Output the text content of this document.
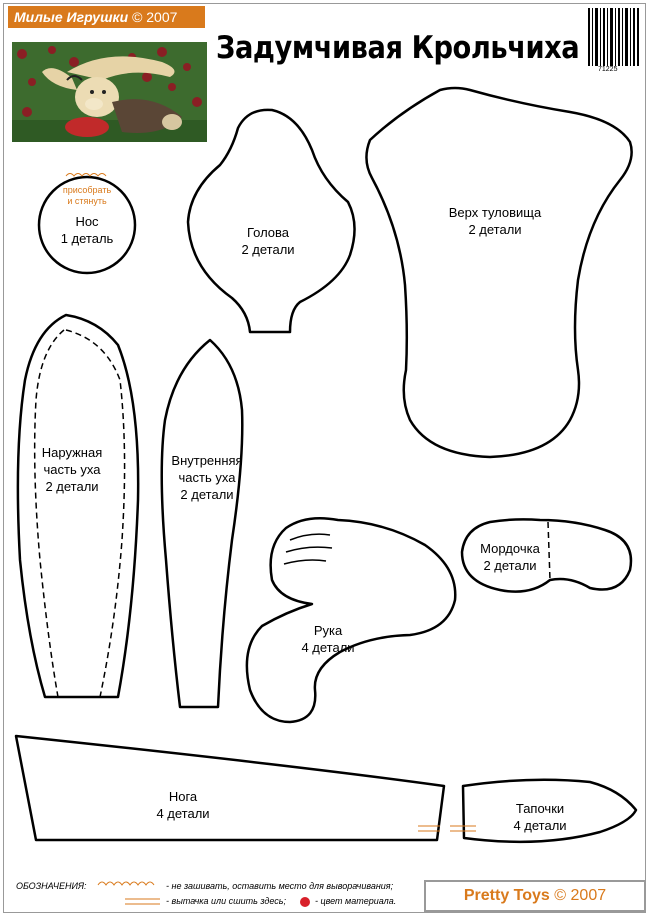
Милые Игрушки © 2007
Задумчивая Крольчиха
71225
присобрать
и стянуть
Нос
1 деталь	Голова
2 детали
Верх туловища
2 детали
Наружная
часть уха
2 детали
Внутренняя
часть уха
2 детали
Рука
4 детали
Мордочка
2 детали
Нога
4 детали	Тапочки
4 детали
ОБОЗНАЧЕНИЯ:	- не зашивать, оставить место для выворачивания;
- вытачка или сшить здесь;	- цвет материала.	Pretty Toys © 2007
